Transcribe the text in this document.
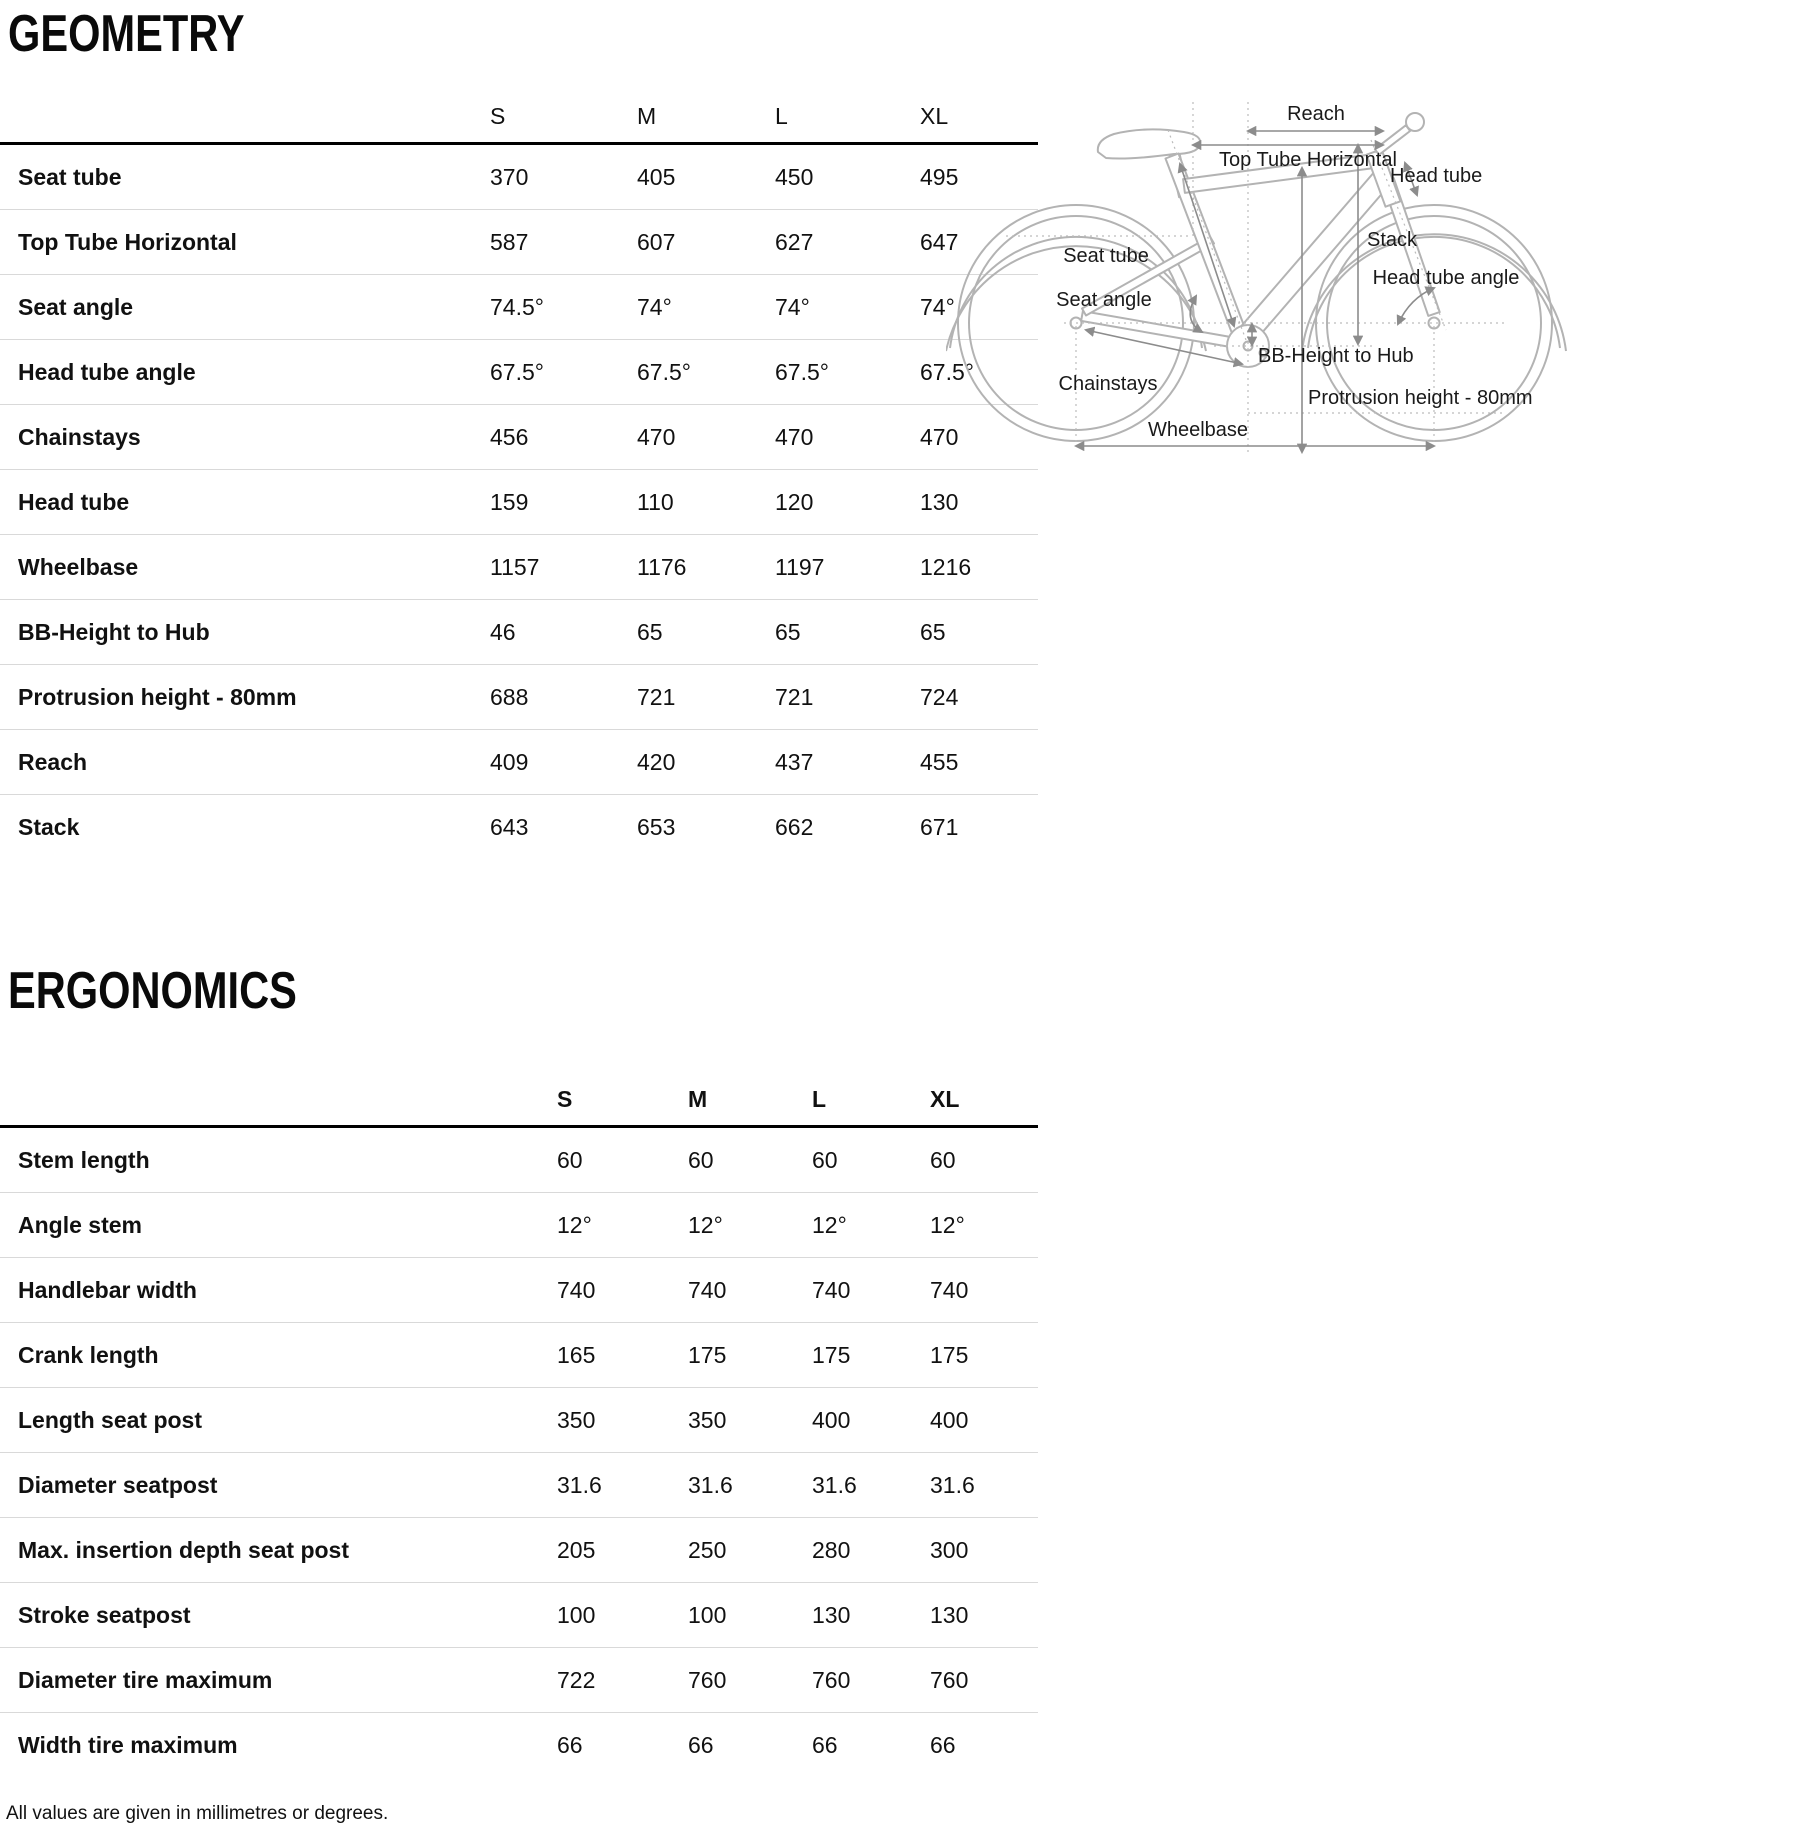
GEOMETRY
	S	M	L	XL
Seat tube	370	405	450	495
Top Tube Horizontal	587	607	627	647
Seat angle	74.5°	74°	74°	74°
Head tube angle	67.5°	67.5°	67.5°	67.5°
Chainstays	456	470	470	470
Head tube	159	110	120	130
Wheelbase	1157	1176	1197	1216
BB-Height to Hub	46	65	65	65
Protrusion height - 80mm	688	721	721	724
Reach	409	420	437	455
Stack	643	653	662	671
ERGONOMICS
	S	M	L	XL
Stem length	60	60	60	60
Angle stem	12°	12°	12°	12°
Handlebar width	740	740	740	740
Crank length	165	175	175	175
Length seat post	350	350	400	400
Diameter seatpost	31.6	31.6	31.6	31.6
Max. insertion depth seat post	205	250	280	300
Stroke seatpost	100	100	130	130
Diameter tire maximum	722	760	760	760
Width tire maximum	66	66	66	66
All values are given in millimetres or degrees.
Reach
Top Tube Horizontal
Head tube
Stack
Seat tube
Seat angle
Head tube angle
BB-Height to Hub
Chainstays
Protrusion height - 80mm
Wheelbase
